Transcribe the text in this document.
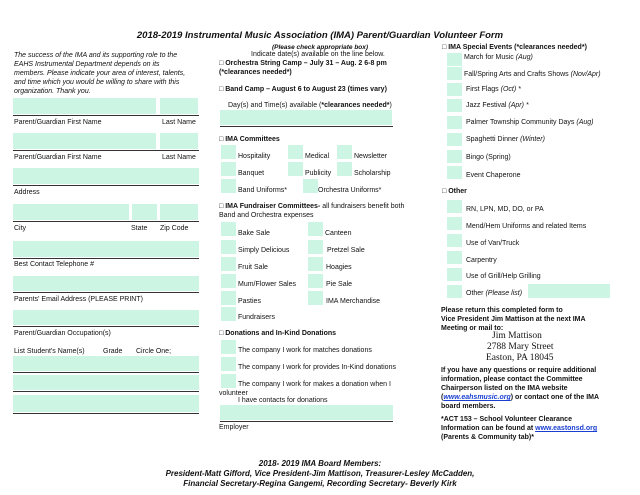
2018-2019 Instrumental Music Association (IMA) Parent/Guardian Volunteer Form
(Please check appropriate box)
The success of the IMA and its supporting role to the
EAHS Instrumental Department depends on its
members. Please indicate your area of interest, talents,
and time which you would be willing to share with this
organization. Thank you.
Parent/Guardian First Name	Last Name
Parent/Guardian First Name	Last Name
Address
City	State Zip Code
Best Contact Telephone #
Parents' Email Address (PLEASE PRINT)
Parent/Guardian Occupation(s)
List Student's Name(s)	Grade Circle One;
Indicate date(s) available on the line below.
□ Orchestra String Camp – July 31 – Aug. 2 6-8 pm
(*clearances needed*)
□ Band Camp – August 6 to August 23 (times vary)
Day(s) and Time(s) available (*clearances needed*)
□ IMA Committees
Hospitality	Medical	Newsletter
Banquet	Publicity	Scholarship
Band Uniforms*	Orchestra Uniforms*
□ IMA Fundraiser Committees- all fundraisers benefit both
Band and Orchestra expenses
Bake Sale	Canteen
Simply Delicious	Pretzel Sale
Fruit Sale	Hoagies
Mum/Flower Sales	Pie Sale
Pasties	IMA Merchandise
Fundraisers
□ Donations and In-Kind Donations
The company I work for matches donations
The company I work for provides In-Kind donations
The company I work for makes a donation when I
volunteer
I have contacts for donations
Employer
□ IMA Special Events (*clearances needed*)
March for Music (Aug)
Fall/Spring Arts and Crafts Shows (Nov/Apr)
First Flags (Oct) *
Jazz Festival (Apr) *
Palmer Township Community Days (Aug)
Spaghetti Dinner (Winter)
Bingo (Spring)
Event Chaperone
□ Other
RN, LPN, MD, DO, or PA
Mend/Hem Uniforms and related Items
Use of Van/Truck
Carpentry
Use of Grill/Help Grilling
Other (Please list)
Please return this completed form to
Vice President Jim Mattison at the next IMA
Meeting or mail to:
Jim Mattison
2788 Mary Street
Easton, PA 18045
If you have any questions or require additional
information, please contact the Committee
Chairperson listed on the IMA website
(www.eahsmusic.org) or contact one of the IMA
board members.
*ACT 153 – School Volunteer Clearance
Information can be found at www.eastonsd.org
(Parents & Community tab)*
2018- 2019 IMA Board Members:
President-Matt Gifford, Vice President-Jim Mattison, Treasurer-Lesley McCadden,
Financial Secretary-Regina Gangemi, Recording Secretary- Beverly Kirk
